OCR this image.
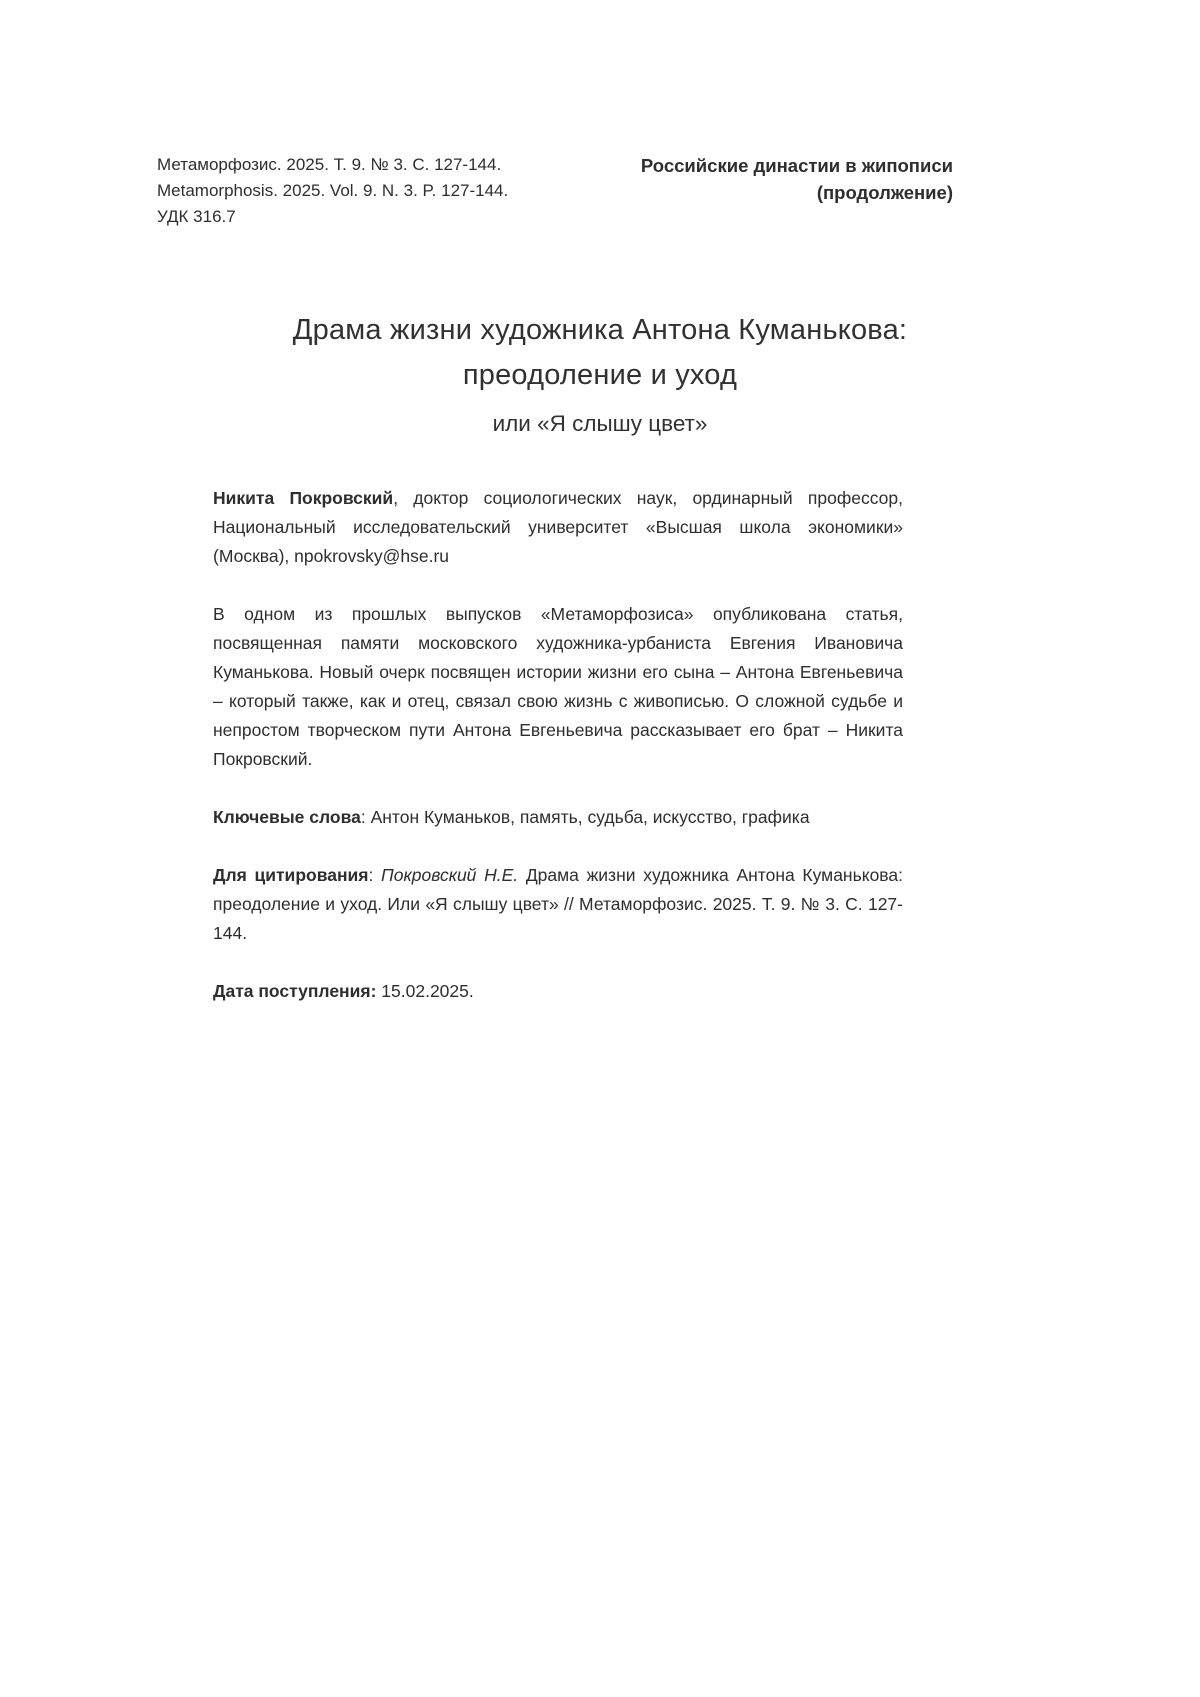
Метаморфозис. 2025. Т. 9. № 3. С. 127-144.
Metamorphosis. 2025. Vol. 9. N. 3. P. 127-144.
УДК 316.7
Российские династии в жипописи
(продолжение)
Драма жизни художника Антона Куманькова:
преодоление и уход
или «Я слышу цвет»

Никита Покровский, доктор социологических наук, ординарный профессор, Национальный исследовательский университет «Высшая школа экономики» (Москва), npokrovsky@hse.ru

В одном из прошлых выпусков «Метаморфозиса» опубликована статья, посвященная памяти московского художника-урбаниста Евгения Ивановича Куманькова. Новый очерк посвящен истории жизни его сына – Антона Евгеньевича – который также, как и отец, связал свою жизнь с живописью. О сложной судьбе и непростом творческом пути Антона Евгеньевича рассказывает его брат – Никита Покровский.

Ключевые слова: Антон Куманьков, память, судьба, искусство, графика

Для цитирования: Покровский Н.Е. Драма жизни художника Антона Куманькова: преодоление и уход. Или «Я слышу цвет» // Метаморфозис. 2025. Т. 9. № 3. С. 127-144.

Дата поступления: 15.02.2025.
